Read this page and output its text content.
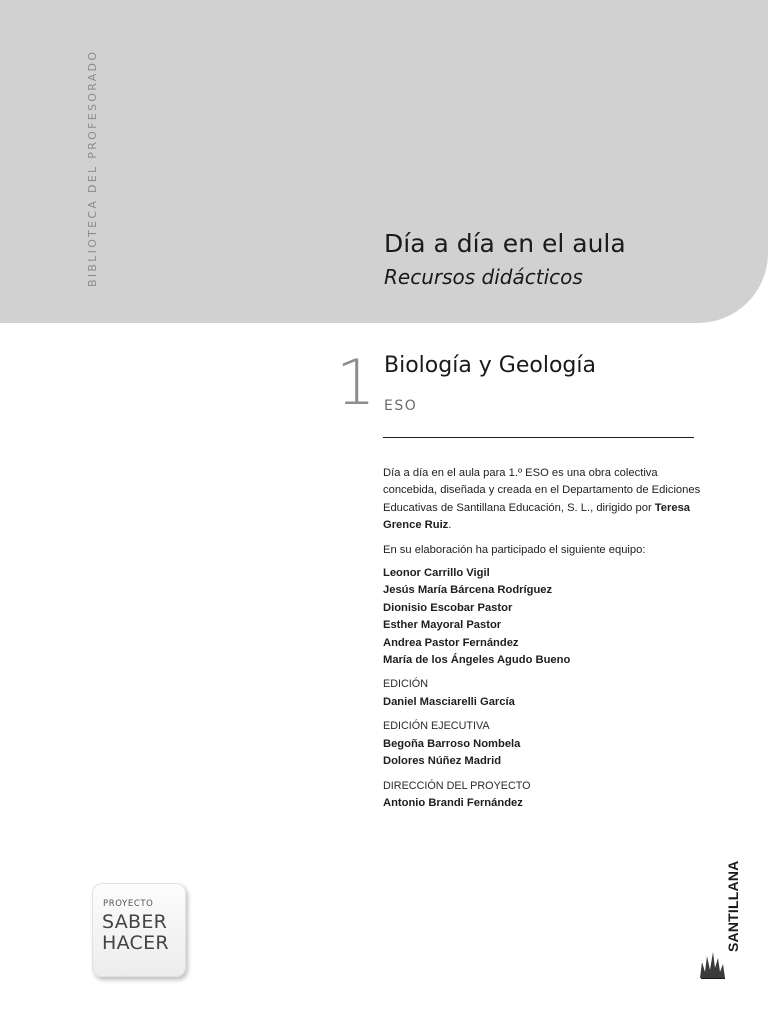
BIBLIOTECA DEL PROFESORADO	Día a día en el aula
Recursos didácticos
1 Biología y Geología
ESO

Día a día en el aula para 1.º ESO es una obra colectiva concebida, diseñada y creada en el Departamento de Ediciones Educativas de Santillana Educación, S. L., dirigido por Teresa Grence Ruiz.

En su elaboración ha participado el siguiente equipo:

Leonor Carrillo Vigil
Jesús María Bárcena Rodríguez
Dionisio Escobar Pastor
Esther Mayoral Pastor
Andrea Pastor Fernández
María de los Ángeles Agudo Bueno

EDICIÓN

Daniel Masciarelli García

EDICIÓN EJECUTIVA

Begoña Barroso Nombela
Dolores Núñez Madrid

DIRECCIÓN DEL PROYECTO

Antonio Brandi Fernández
PROYECTO
SABER
HACER	SANTILLANA
